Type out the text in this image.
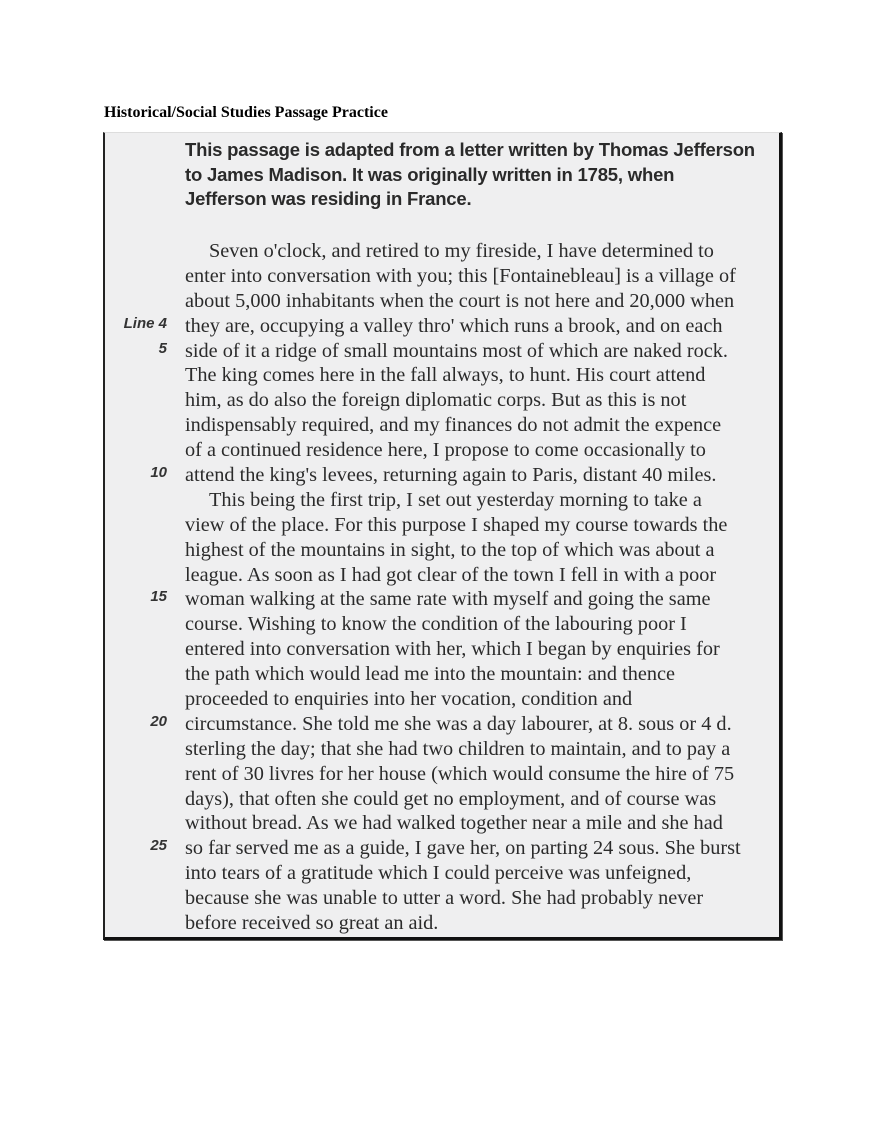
Historical/Social Studies Passage Practice
This passage is adapted from a letter written by Thomas Jefferson
to James Madison. It was originally written in 1785, when
Jefferson was residing in France.
Seven o'clock, and retired to my fireside, I have determined to
enter into conversation with you; this [Fontainebleau] is a village of
about 5,000 inhabitants when the court is not here and 20,000 when
Line 4 they are, occupying a valley thro' which runs a brook, and on each
5 side of it a ridge of small mountains most of which are naked rock.
The king comes here in the fall always, to hunt. His court attend
him, as do also the foreign diplomatic corps. But as this is not
indispensably required, and my finances do not admit the expence
of a continued residence here, I propose to come occasionally to
10 attend the king's levees, returning again to Paris, distant 40 miles.
This being the first trip, I set out yesterday morning to take a
view of the place. For this purpose I shaped my course towards the
highest of the mountains in sight, to the top of which was about a
league. As soon as I had got clear of the town I fell in with a poor
15 woman walking at the same rate with myself and going the same
course. Wishing to know the condition of the labouring poor I
entered into conversation with her, which I began by enquiries for
the path which would lead me into the mountain: and thence
proceeded to enquiries into her vocation, condition and
20 circumstance. She told me she was a day labourer, at 8. sous or 4 d.
sterling the day; that she had two children to maintain, and to pay a
rent of 30 livres for her house (which would consume the hire of 75
days), that often she could get no employment, and of course was
without bread. As we had walked together near a mile and she had
25 so far served me as a guide, I gave her, on parting 24 sous. She burst
into tears of a gratitude which I could perceive was unfeigned,
because she was unable to utter a word. She had probably never
before received so great an aid.
